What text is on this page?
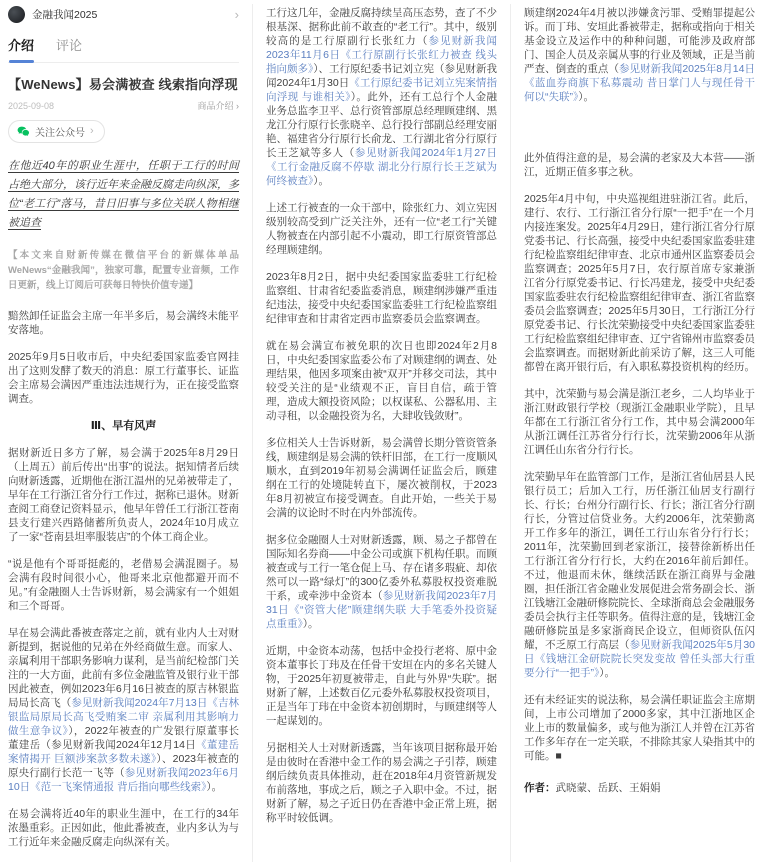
金融我闻2025	›
介绍 评论
【WeNews】易会满被查 线索指向浮现
2025-09-08	商品介绍 ›
关注公众号 ›

在他近40年的职业生涯中，任职于工行的时间占绝大部分，该行近年来金融反腐走向纵深，多位“老工行”落马，昔日旧事与多位关联人物相继被追查

【本文来自财新传媒在微信平台的新媒体单品 WeNews“金融我闻”，独家可靠，配置专业音频，工作日更新，线上订阅后可获每日特快价值专递】

黯然卸任证监会主席一年半多后，易会满终未能平安落地。

2025年9月5日收市后，中央纪委国家监委官网挂出了这则发酵了数天的消息：原工行董事长、证监会主席易会满因严重违法违规行为，正在接受监察调查。

Ⅲ、早有风声

据财新近日多方了解，易会满于2025年8月29日（上周五）前后传出“出事”的说法。据知情者后续向财新透露，近期他在浙江温州的兄弟被带走了，早年在工行浙江省分行工作过，据称已退休。财新查阅工商登记资料显示，他早年曾任工行浙江苍南县支行建兴西路储蓄所负责人，2024年10月成立了一家“苍南县坦率服装店”的个体工商企业。

“说是他有个哥哥挺彪的，老借易会满混圈子。易会满有段时间很小心，他哥来北京他都避开而不见。”有金融圈人士告诉财新，易会满家有一个姐姐和三个哥哥。

早在易会满此番被查落定之前，就有业内人士对财新提到，据说他的兄弟在外经商做生意。而家人、亲属利用干部职务影响力谋利，是当前纪检部门关注的一大方面，此前有多位金融监管及银行业干部因此被查，例如2023年6月16日被查的原吉林银监局局长高飞（参见财新我闻2024年7月13日《吉林银监局原局长高飞受贿案二审 亲属利用其影响力做生意争议》），2022年被查的广发银行原董事长董建岳（参见财新我闻2024年12月14日《董建岳案情揭开 巨额涉案款多数未遂》）、2023年被查的原央行副行长范一飞等（参见财新我闻2023年6月10日《范一飞案情通报 背后指向哪些线索》）。

在易会满将近40年的职业生涯中，在工行的34年浓墨重彩。正因如此，他此番被查，业内多认为与工行近年来金融反腐走向纵深有关。

工行这几年，金融反腐持续呈高压态势，查了不少根基深、据称此前不敢查的“老工行”。其中，级别较高的是工行原副行长张红力（参见财新我闻2023年11月6日《工行原副行长张红力被查 线头指向颇多》）、工行原纪委书记刘立宪（参见财新我闻2024年1月30日《工行原纪委书记刘立宪案情指向浮现 与谁相关》）。此外，还有工总行个人金融业务总监李卫平、总行资管部原总经理顾建纲、黑龙江分行原行长张晓辛、总行投行部副总经理安丽艳、福建省分行原行长俞龙、工行湖北省分行原行长王芝斌等多人（参见财新我闻2024年1月27日《工行金融反腐不停歇 湖北分行原行长王芝斌为何终被查》）。

上述工行被查的一众干部中，除张红力、刘立宪因级别较高受到广泛关注外，还有一位“老工行”关键人物被查在内部引起不小震动，即工行原资管部总经理顾建纲。

2023年8月2日，据中央纪委国家监委驻工行纪检监察组、甘肃省纪委监委消息，顾建纲涉嫌严重违纪违法，接受中央纪委国家监委驻工行纪检监察组纪律审查和甘肃省定西市监察委员会监察调查。

就在易会满宣布被免职的次日也即2024年2月8日，中央纪委国家监委公布了对顾建纲的调查、处理结果，他因多项案由被“双开”并移交司法，其中较受关注的是“业绩观不正，盲目自信，疏于管理，造成大额投资风险；以权谋私、公器私用、主动寻租，以金融投资为名，大肆收钱敛财”。

多位相关人士告诉财新，易会满曾长期分管资管条线，顾建纲是易会满的铁杆旧部，在工行一度顺风顺水，直到2019年初易会满调任证监会后，顾建纲在工行的处境陡转直下，屡次被削权，于2023年8月初被宣布接受调查。自此开始，一些关于易会满的议论时不时在内外部流传。

据多位金融圈人士对财新透露，顾、易之子都曾在国际知名券商——中金公司或旗下机构任职。而顾被查或与工行一笔仓促上马、存在诸多瑕疵、却依然可以一路“绿灯”的300亿委外私募股权投资难脱干系，或牵涉中金资本（参见财新我闻2023年7月31日《“资管大佬”顾建纲失联 大手笔委外投资疑点重重》）。

近期，中金资本动荡，包括中金投行老将、原中金资本董事长丁玮及在任骨干安垣在内的多名关键人物，于2025年初夏被带走，自此与外界“失联”。据财新了解，上述数百亿元委外私募股权投资项目，正是当年丁玮在中金资本初创期时，与顾建纲等人一起谋划的。

另据相关人士对财新透露，当年该项目据称最开始是由彼时在香港中金工作的易会满之子引荐，顾建纲后续负责具体推动，赶在2018年4月资管新规发布前落地，事成之后，顾之子入职中金。不过，据财新了解，易之子近日仍在香港中金正常上班，据称平时较低调。

顾建纲2024年4月被以涉嫌贪污罪、受贿罪提起公诉。而丁玮、安垣此番被带走，据称或指向于相关基金设立及运作中的种种问题，可能涉及政府部门、国企人员及亲属从事的行业及领域，正是当前严查、倒查的重点（参见财新我闻2025年8月14日《蓝血券商旗下私募震动 昔日掌门人与现任骨干何以“失联”》）。

此外值得注意的是，易会满的老家及大本营——浙江，近期正值多事之秋。

2025年4月中旬，中央巡视组进驻浙江省。此后，建行、农行、工行浙江省分行原“一把手”在一个月内接连案发。2025年4月29日，建行浙江省分行原党委书记、行长高强，接受中央纪委国家监委驻建行纪检监察组纪律审查、北京市通州区监察委员会监察调查；2025年5月7日，农行原首席专家兼浙江省分行原党委书记、行长冯建龙，接受中央纪委国家监委驻农行纪检监察组纪律审查、浙江省监察委员会监察调查；2025年5月30日，工行浙江分行原党委书记、行长沈荣勤接受中央纪委国家监委驻工行纪检监察组纪律审查、辽宁省锦州市监察委员会监察调查。而据财新此前采访了解，这三人可能都曾在离开银行后，有入职私募投资机构的经历。

其中，沈荣勤与易会满是浙江老乡，二人均毕业于浙江财政银行学校（现浙江金融职业学院），且早年都在工行浙江省分行工作，其中易会满2000年从浙江调任江苏省分行行长，沈荣勤2006年从浙江调任山东省分行行长。

沈荣勤早年在监管部门工作，是浙江省仙居县人民银行员工；后加入工行，历任浙江仙居支行副行长、行长；台州分行副行长、行长；浙江省分行副行长，分管过信贷业务。大约2006年，沈荣勤离开工作多年的浙江，调任工行山东省分行行长；2011年，沈荣勤回到老家浙江，接替徐新桥出任工行浙江省分行行长，大约在2016年前后卸任。不过，他退而未休，继续活跃在浙江商界与金融圈，担任浙江省金融业发展促进会常务副会长、浙江钱塘江金融研修院院长、全球浙商总会金融服务委员会执行主任等职务。值得注意的是，钱塘江金融研修院虽是多家浙商民企设立，但师资队伍闪耀，不乏原工行高层（参见财新我闻2025年5月30日《钱塘江金研院院长突发变故 曾任头部大行重要分行“一把手”》）。

还有未经证实的说法称，易会满任职证监会主席期间，上市公司增加了2000多家，其中江浙地区企业上市的数量偏多，或与他为浙江人并曾在江苏省工作多年存在一定关联，不排除其家人染指其中的可能。■

作者：武晓蒙、岳跃、王娟娟
